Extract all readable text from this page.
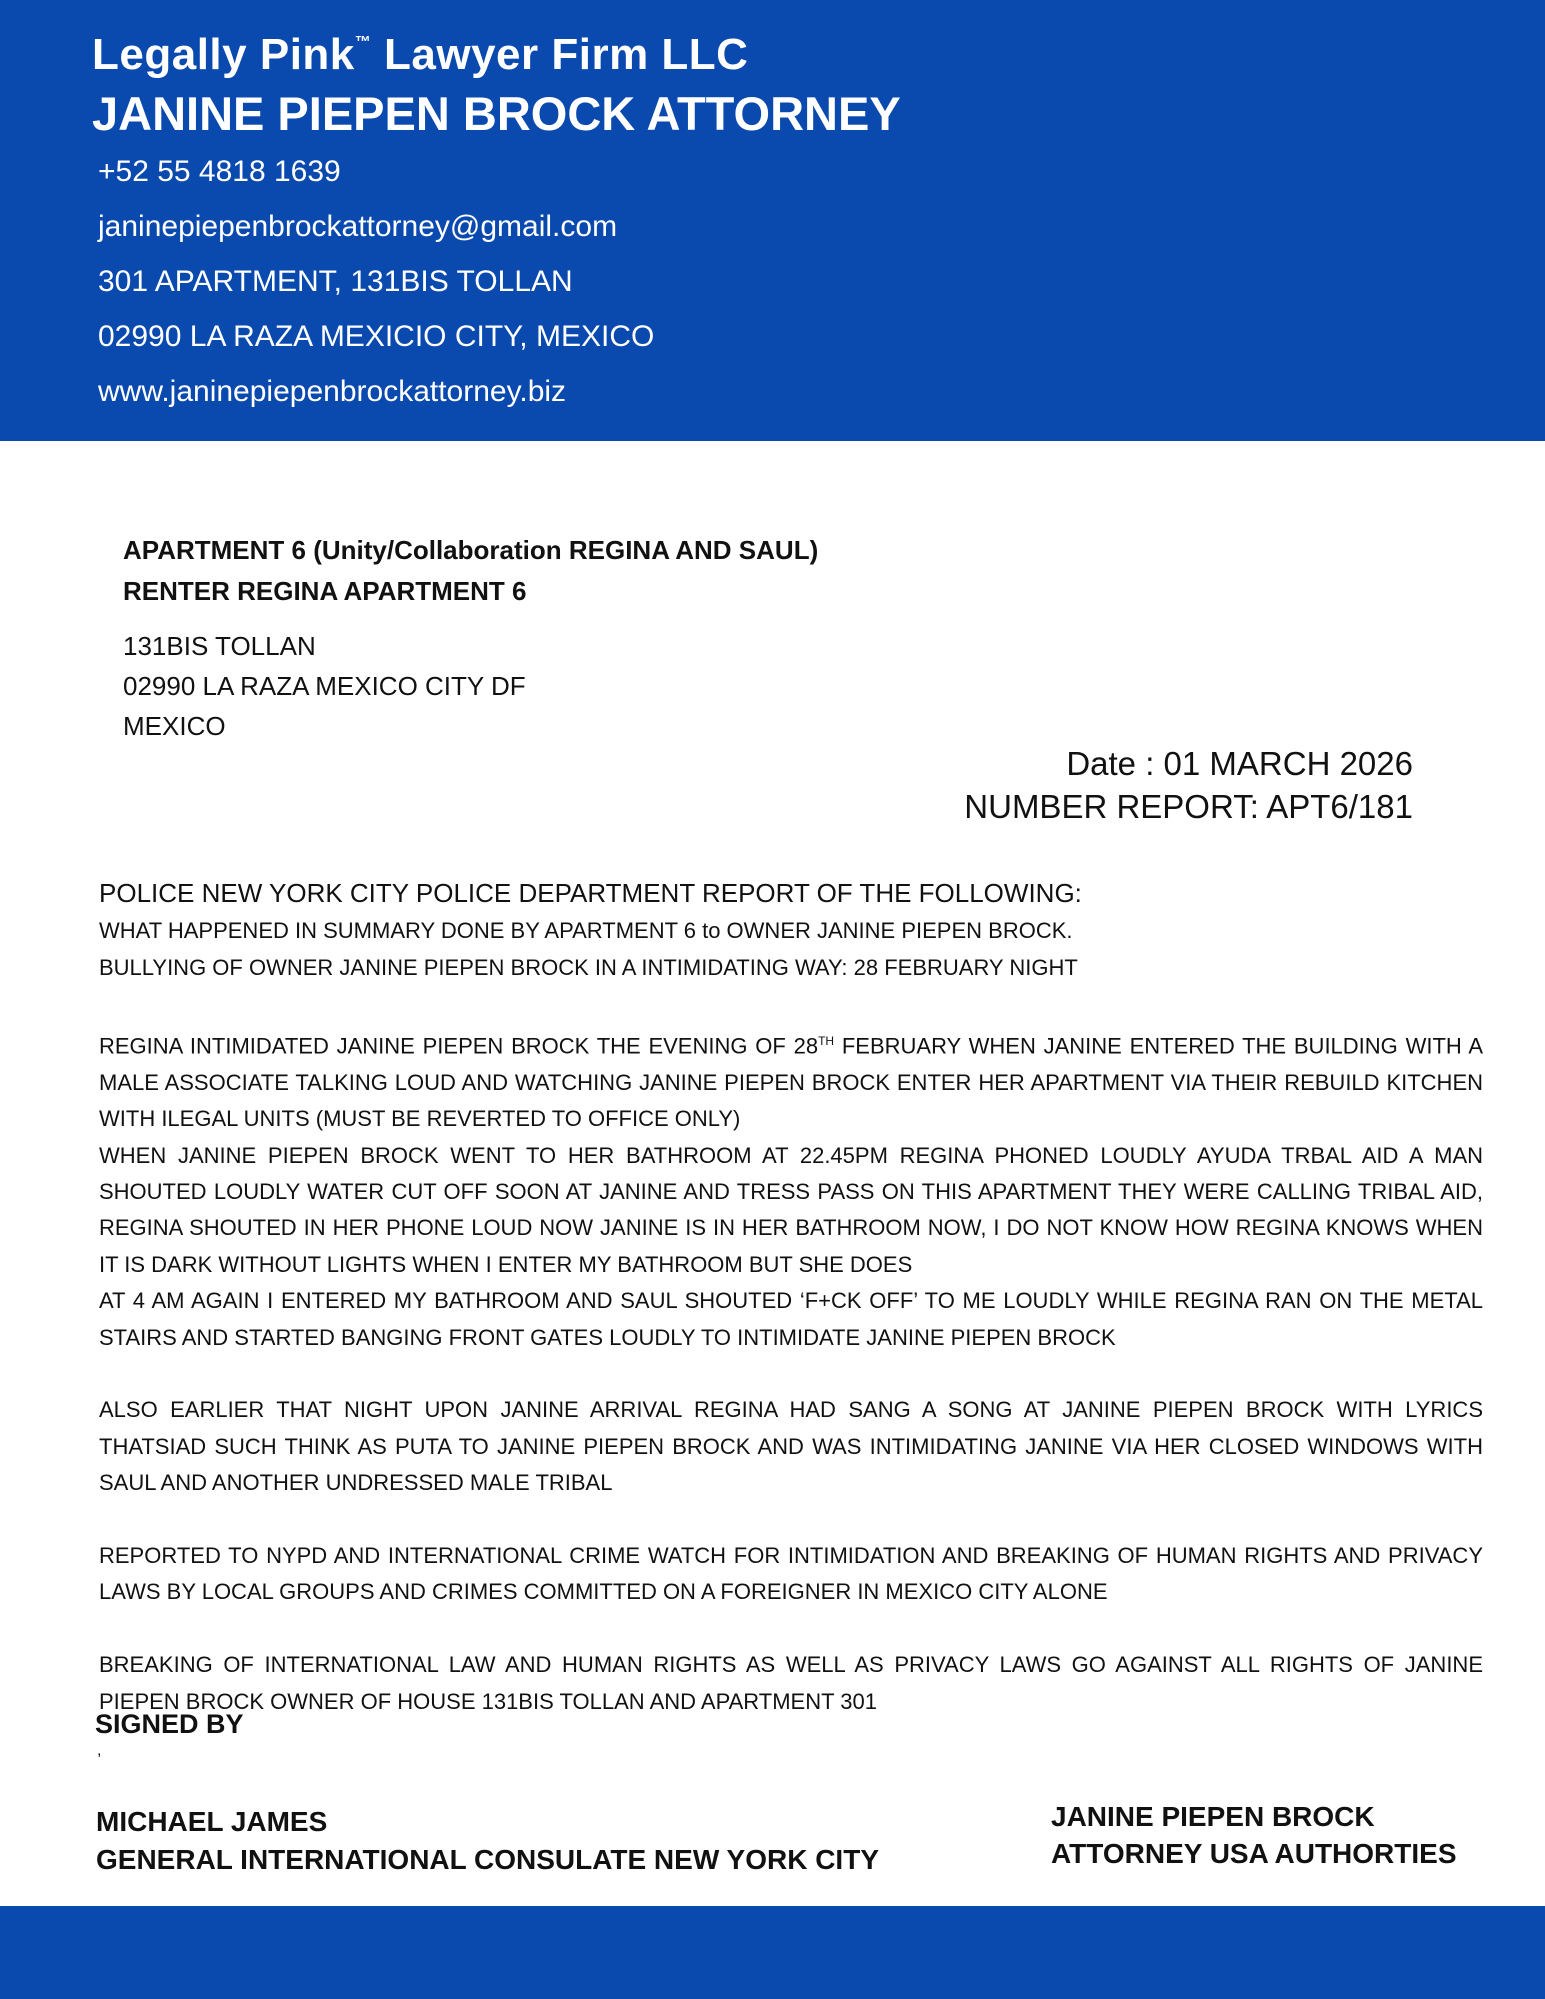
Legally Pink™ Lawyer Firm LLC
JANINE PIEPEN BROCK ATTORNEY
+52 55 4818 1639
janinepiepenbrockattorney@gmail.com
301 APARTMENT, 131BIS TOLLAN
02990 LA RAZA MEXICIO CITY, MEXICO
www.janinepiepenbrockattorney.biz
APARTMENT 6 (Unity/Collaboration REGINA AND SAUL)
RENTER REGINA APARTMENT 6
131BIS TOLLAN
02990 LA RAZA MEXICO CITY DF
MEXICO
Date : 01 MARCH 2026
NUMBER REPORT: APT6/181
POLICE NEW YORK CITY POLICE DEPARTMENT REPORT OF THE FOLLOWING:
WHAT HAPPENED IN SUMMARY DONE BY APARTMENT 6 to OWNER JANINE PIEPEN BROCK.
BULLYING OF OWNER JANINE PIEPEN BROCK IN A INTIMIDATING WAY: 28 FEBRUARY NIGHT

REGINA INTIMIDATED JANINE PIEPEN BROCK THE EVENING OF 28TH FEBRUARY WHEN JANINE ENTERED THE BUILDING WITH A MALE ASSOCIATE TALKING LOUD AND WATCHING JANINE PIEPEN BROCK ENTER HER APARTMENT VIA THEIR REBUILD KITCHEN WITH ILEGAL UNITS (MUST BE REVERTED TO OFFICE ONLY)

WHEN JANINE PIEPEN BROCK WENT TO HER BATHROOM AT 22.45PM REGINA PHONED LOUDLY AYUDA TRBAL AID A MAN SHOUTED LOUDLY WATER CUT OFF SOON AT JANINE AND TRESS PASS ON THIS APARTMENT THEY WERE CALLING TRIBAL AID, REGINA SHOUTED IN HER PHONE LOUD NOW JANINE IS IN HER BATHROOM NOW, I DO NOT KNOW HOW REGINA KNOWS WHEN IT IS DARK WITHOUT LIGHTS WHEN I ENTER MY BATHROOM BUT SHE DOES

AT 4 AM AGAIN I ENTERED MY BATHROOM AND SAUL SHOUTED ‘F+CK OFF’ TO ME LOUDLY WHILE REGINA RAN ON THE METAL STAIRS AND STARTED BANGING FRONT GATES LOUDLY TO INTIMIDATE JANINE PIEPEN BROCK

ALSO EARLIER THAT NIGHT UPON JANINE ARRIVAL REGINA HAD SANG A SONG AT JANINE PIEPEN BROCK WITH LYRICS THATSIAD SUCH THINK AS PUTA TO JANINE PIEPEN BROCK AND WAS INTIMIDATING JANINE VIA HER CLOSED WINDOWS WITH SAUL AND ANOTHER UNDRESSED MALE TRIBAL

REPORTED TO NYPD AND INTERNATIONAL CRIME WATCH FOR INTIMIDATION AND BREAKING OF HUMAN RIGHTS AND PRIVACY LAWS BY LOCAL GROUPS AND CRIMES COMMITTED ON A FOREIGNER IN MEXICO CITY ALONE

BREAKING OF INTERNATIONAL LAW AND HUMAN RIGHTS AS WELL AS PRIVACY LAWS GO AGAINST ALL RIGHTS OF JANINE PIEPEN BROCK OWNER OF HOUSE 131BIS TOLLAN AND APARTMENT 301

SIGNED BY
,
MICHAEL JAMES
GENERAL INTERNATIONAL CONSULATE NEW YORK CITY
JANINE PIEPEN BROCK
ATTORNEY USA AUTHORTIES
